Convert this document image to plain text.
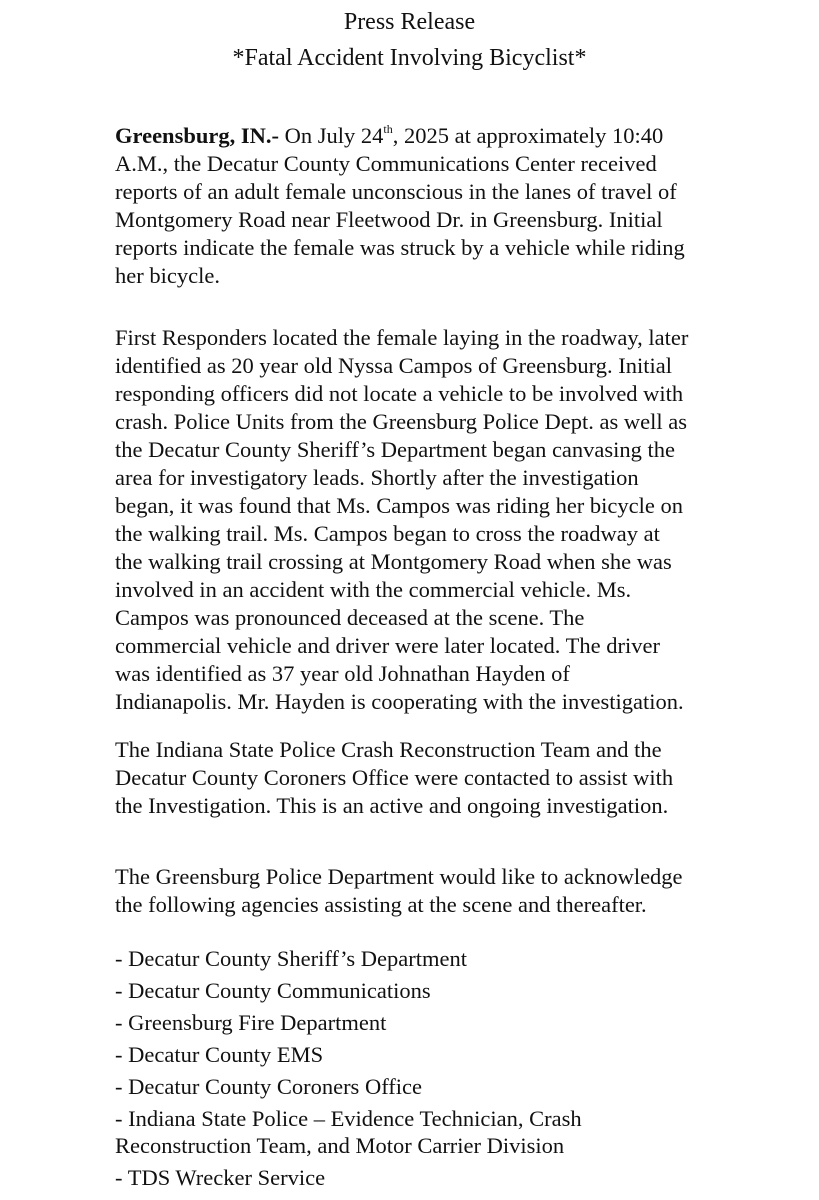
Press Release
*Fatal Accident Involving Bicyclist*
Greensburg, IN.- On July 24th, 2025 at approximately 10:40
A.M., the Decatur County Communications Center received
reports of an adult female unconscious in the lanes of travel of
Montgomery Road near Fleetwood Dr. in Greensburg. Initial
reports indicate the female was struck by a vehicle while riding
her bicycle.
First Responders located the female laying in the roadway, later
identified as 20 year old Nyssa Campos of Greensburg. Initial
responding officers did not locate a vehicle to be involved with
crash. Police Units from the Greensburg Police Dept. as well as
the Decatur County Sheriff’s Department began canvasing the
area for investigatory leads. Shortly after the investigation
began, it was found that Ms. Campos was riding her bicycle on
the walking trail. Ms. Campos began to cross the roadway at
the walking trail crossing at Montgomery Road when she was
involved in an accident with the commercial vehicle. Ms.
Campos was pronounced deceased at the scene. The
commercial vehicle and driver were later located. The driver
was identified as 37 year old Johnathan Hayden of
Indianapolis. Mr. Hayden is cooperating with the investigation.
The Indiana State Police Crash Reconstruction Team and the
Decatur County Coroners Office were contacted to assist with
the Investigation. This is an active and ongoing investigation.
The Greensburg Police Department would like to acknowledge
the following agencies assisting at the scene and thereafter.
- Decatur County Sheriff’s Department
- Decatur County Communications
- Greensburg Fire Department
- Decatur County EMS
- Decatur County Coroners Office
- Indiana State Police – Evidence Technician, Crash
Reconstruction Team, and Motor Carrier Division
- TDS Wrecker Service
